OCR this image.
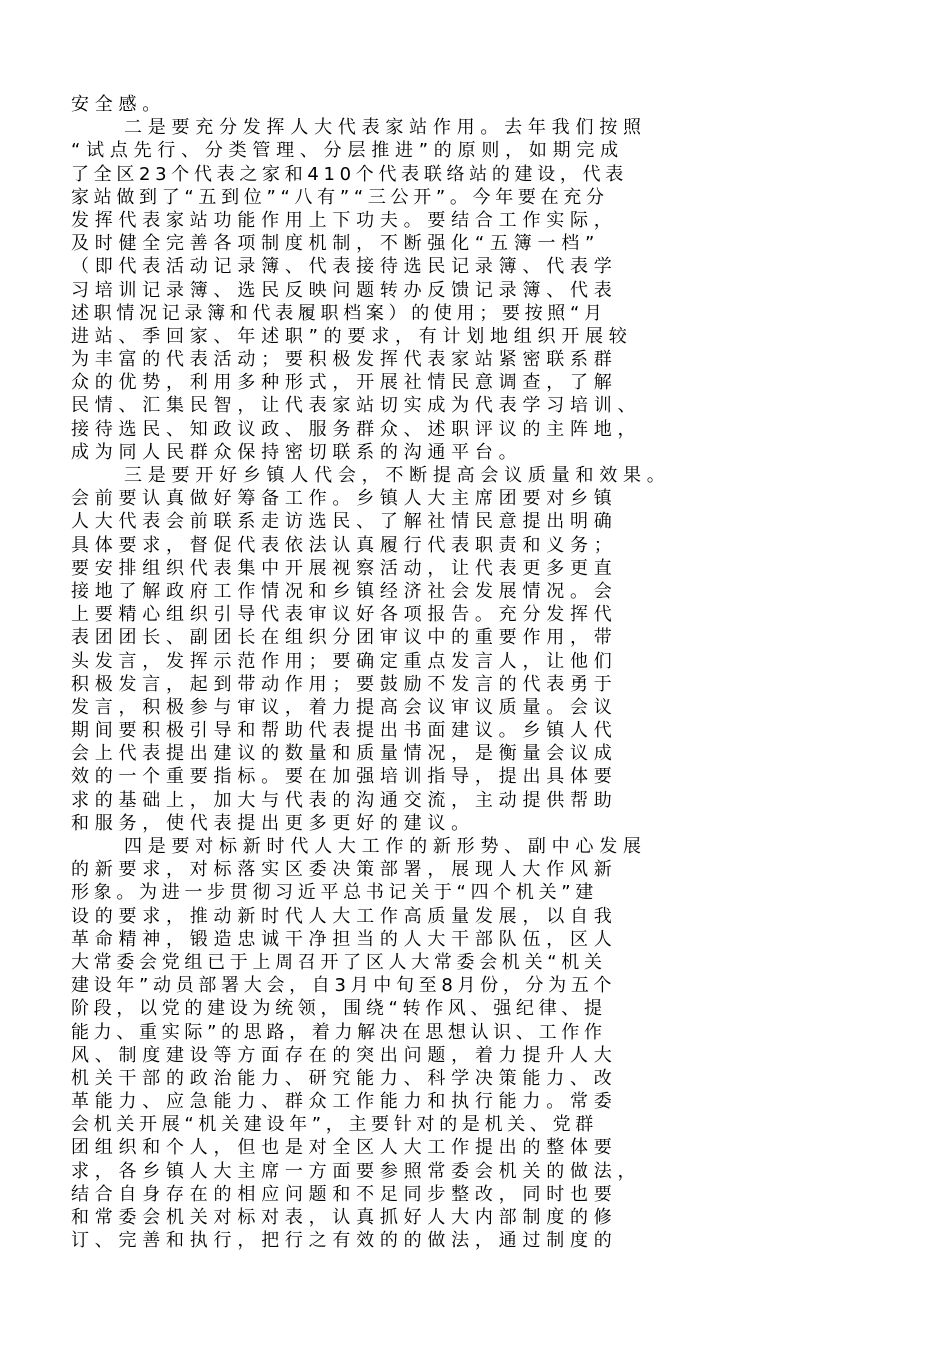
安全感。
二是要充分发挥人大代表家站作用。去年我们按照
“试点先行、分类管理、分层推进”的原则，如期完成
了全区23个代表之家和410个代表联络站的建设，代表
家站做到了“五到位”“八有”“三公开”。今年要在充分
发挥代表家站功能作用上下功夫。要结合工作实际，
及时健全完善各项制度机制，不断强化“五簿一档”
（即代表活动记录簿、代表接待选民记录簿、代表学
习培训记录簿、选民反映问题转办反馈记录簿、代表
述职情况记录簿和代表履职档案）的使用；要按照“月
进站、季回家、年述职”的要求，有计划地组织开展较
为丰富的代表活动；要积极发挥代表家站紧密联系群
众的优势，利用多种形式，开展社情民意调查，了解
民情、汇集民智，让代表家站切实成为代表学习培训、
接待选民、知政议政、服务群众、述职评议的主阵地，
成为同人民群众保持密切联系的沟通平台。
三是要开好乡镇人代会，不断提高会议质量和效果。
会前要认真做好筹备工作。乡镇人大主席团要对乡镇
人大代表会前联系走访选民、了解社情民意提出明确
具体要求，督促代表依法认真履行代表职责和义务；
要安排组织代表集中开展视察活动，让代表更多更直
接地了解政府工作情况和乡镇经济社会发展情况。会
上要精心组织引导代表审议好各项报告。充分发挥代
表团团长、副团长在组织分团审议中的重要作用，带
头发言，发挥示范作用；要确定重点发言人，让他们
积极发言，起到带动作用；要鼓励不发言的代表勇于
发言，积极参与审议，着力提高会议审议质量。会议
期间要积极引导和帮助代表提出书面建议。乡镇人代
会上代表提出建议的数量和质量情况，是衡量会议成
效的一个重要指标。要在加强培训指导，提出具体要
求的基础上，加大与代表的沟通交流，主动提供帮助
和服务，使代表提出更多更好的建议。
四是要对标新时代人大工作的新形势、副中心发展
的新要求，对标落实区委决策部署，展现人大作风新
形象。为进一步贯彻习近平总书记关于“四个机关”建
设的要求，推动新时代人大工作高质量发展，以自我
革命精神，锻造忠诚干净担当的人大干部队伍，区人
大常委会党组已于上周召开了区人大常委会机关“机关
建设年”动员部署大会，自3月中旬至8月份，分为五个
阶段，以党的建设为统领，围绕“转作风、强纪律、提
能力、重实际”的思路，着力解决在思想认识、工作作
风、制度建设等方面存在的突出问题，着力提升人大
机关干部的政治能力、研究能力、科学决策能力、改
革能力、应急能力、群众工作能力和执行能力。常委
会机关开展“机关建设年”，主要针对的是机关、党群
团组织和个人，但也是对全区人大工作提出的整体要
求，各乡镇人大主席一方面要参照常委会机关的做法，
结合自身存在的相应问题和不足同步整改，同时也要
和常委会机关对标对表，认真抓好人大内部制度的修
订、完善和执行，把行之有效的的做法，通过制度的
